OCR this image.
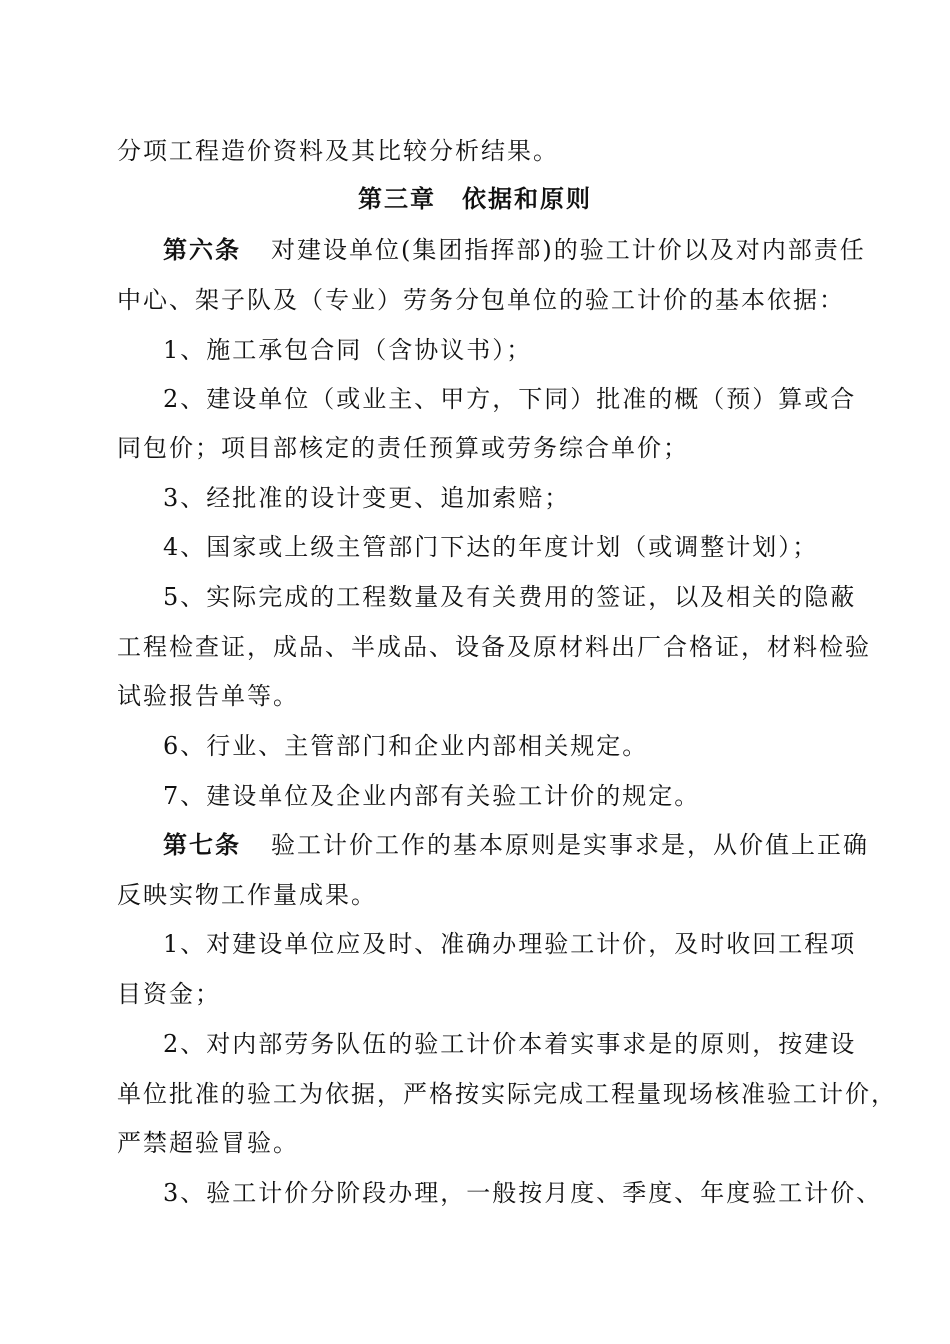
分项工程造价资料及其比较分析结果。
第三章　依据和原则
第六条 对建设单位(集团指挥部)的验工计价以及对内部责任
中心、架子队及（专业）劳务分包单位的验工计价的基本依据：
1、施工承包合同（含协议书）；
2、建设单位（或业主、甲方，下同）批准的概（预）算或合
同包价；项目部核定的责任预算或劳务综合单价；
3、经批准的设计变更、追加索赔；
4、国家或上级主管部门下达的年度计划（或调整计划）；
5、实际完成的工程数量及有关费用的签证，以及相关的隐蔽
工程检查证，成品、半成品、设备及原材料出厂合格证，材料检验
试验报告单等。
6、行业、主管部门和企业内部相关规定。
7、建设单位及企业内部有关验工计价的规定。
第七条 验工计价工作的基本原则是实事求是，从价值上正确
反映实物工作量成果。
1、对建设单位应及时、准确办理验工计价，及时收回工程项
目资金；
2、对内部劳务队伍的验工计价本着实事求是的原则，按建设
单位批准的验工为依据，严格按实际完成工程量现场核准验工计价，
严禁超验冒验。
3、验工计价分阶段办理，一般按月度、季度、年度验工计价、
